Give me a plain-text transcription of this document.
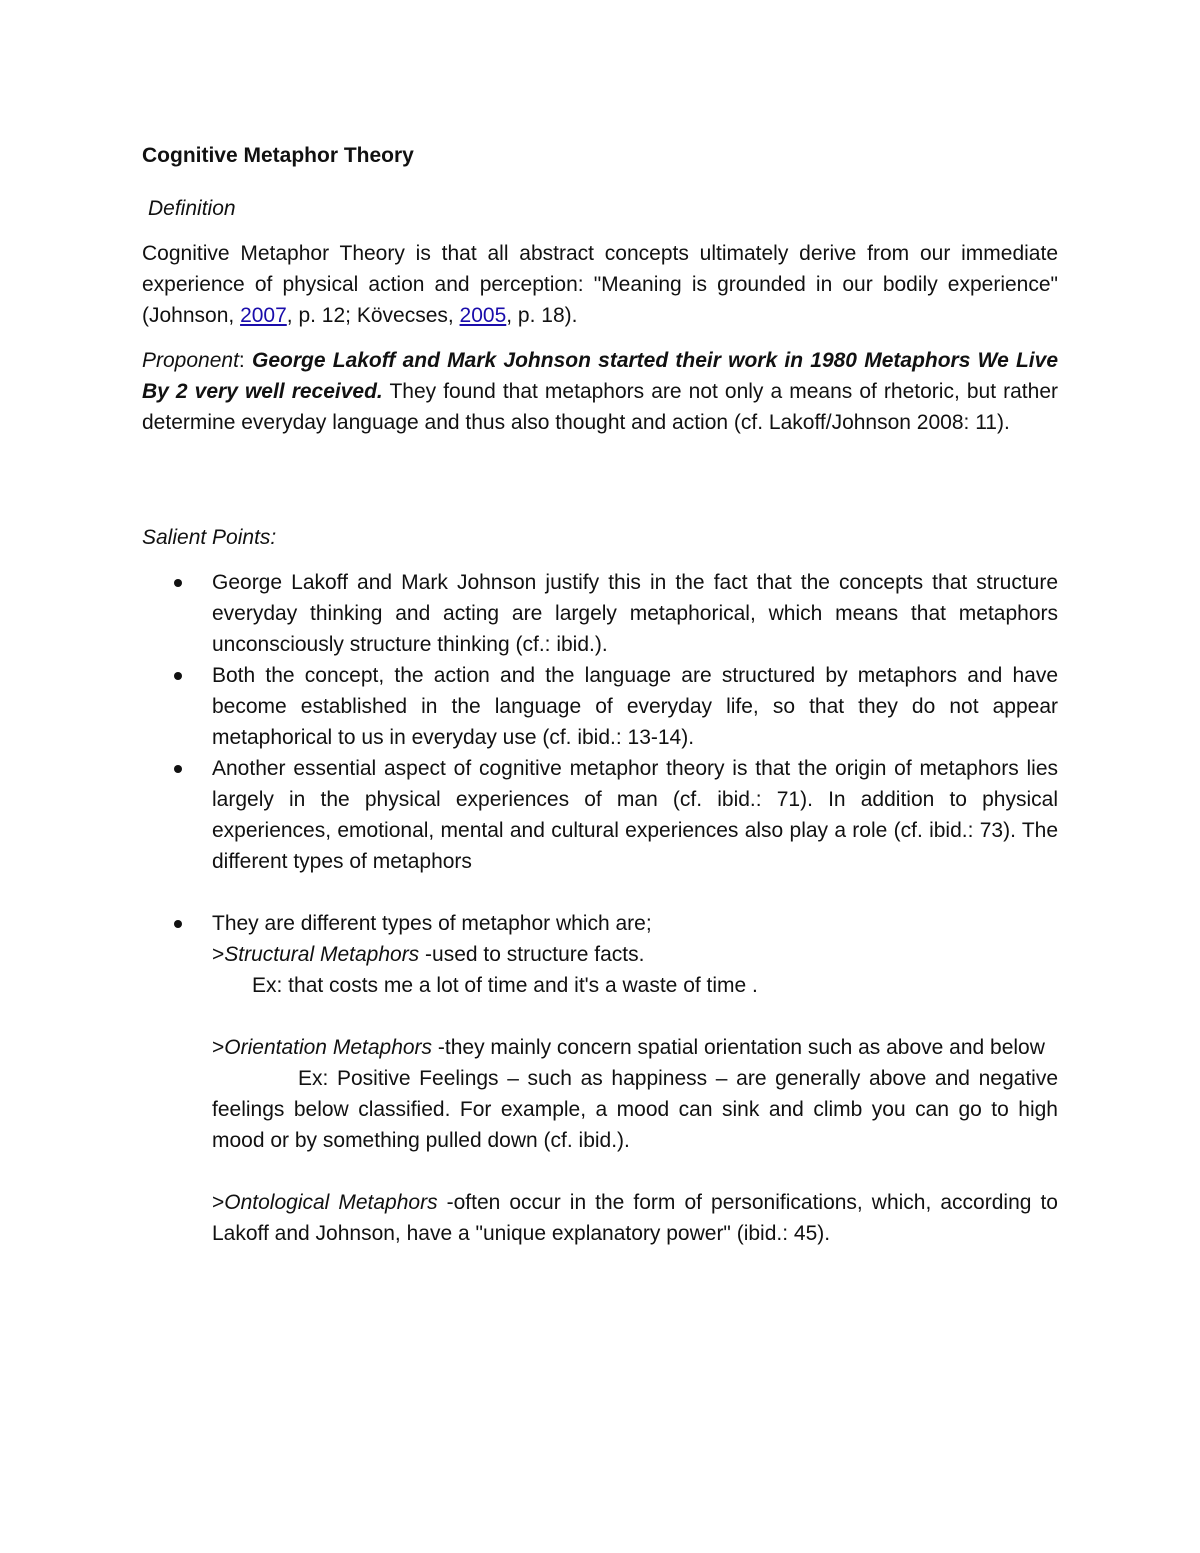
Cognitive Metaphor Theory
Definition

Cognitive Metaphor Theory is that all abstract concepts ultimately derive from our immediate experience of physical action and perception: "Meaning is grounded in our bodily experience" (Johnson, 2007, p. 12; Kövecses, 2005, p. 18).

Proponent: George Lakoff and Mark Johnson started their work in 1980 Metaphors We Live By 2 very well received. They found that metaphors are not only a means of rhetoric, but rather determine everyday language and thus also thought and action (cf. Lakoff/Johnson 2008: 11).

Salient Points:
George Lakoff and Mark Johnson justify this in the fact that the concepts that structure everyday thinking and acting are largely metaphorical, which means that metaphors unconsciously structure thinking (cf.: ibid.).
Both the concept, the action and the language are structured by metaphors and have become established in the language of everyday life, so that they do not appear metaphorical to us in everyday use (cf. ibid.: 13-14).
Another essential aspect of cognitive metaphor theory is that the origin of metaphors lies largely in the physical experiences of man (cf. ibid.: 71). In addition to physical experiences, emotional, mental and cultural experiences also play a role (cf. ibid.: 73). The different types of metaphors
They are different types of metaphor which are;
>Structural Metaphors -used to structure facts.
Ex: that costs me a lot of time and it's a waste of time .
>Orientation Metaphors -they mainly concern spatial orientation such as above and below
Ex: Positive Feelings – such as happiness – are generally above and negative feelings below classified. For example, a mood can sink and climb you can go to high mood or by something pulled down (cf. ibid.).
>Ontological Metaphors -often occur in the form of personifications, which, according to Lakoff and Johnson, have a "unique explanatory power" (ibid.: 45).
